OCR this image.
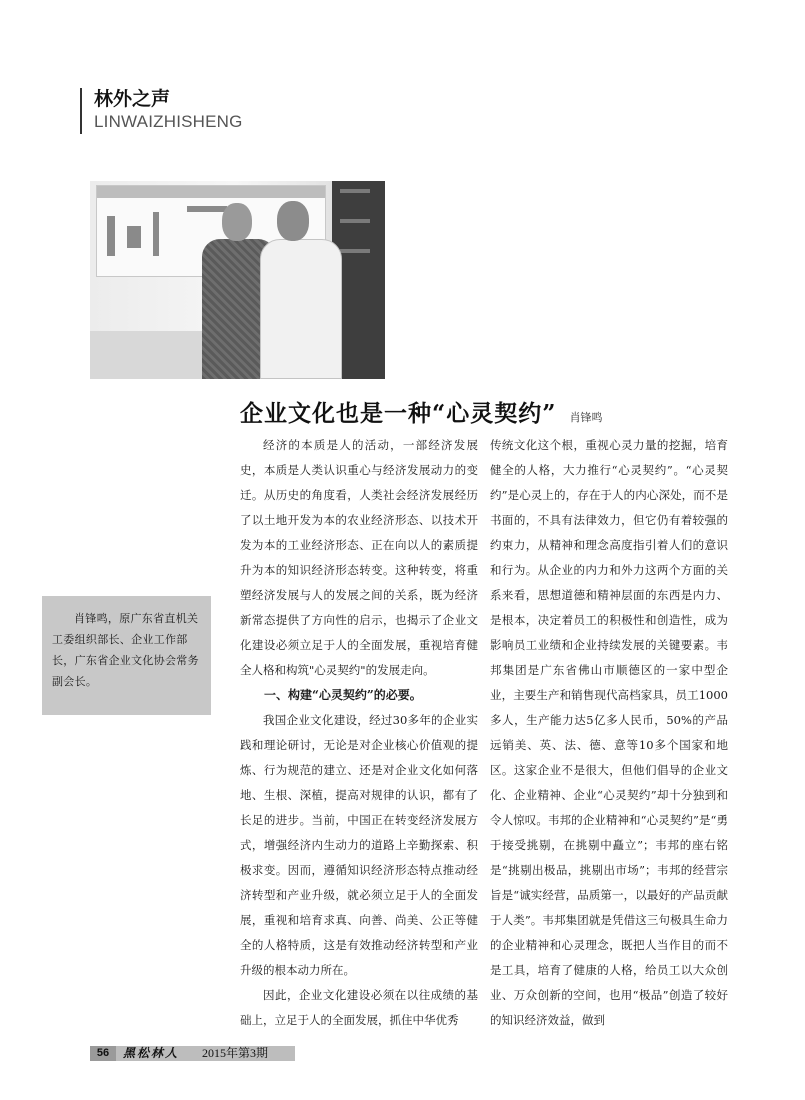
林外之声
LINWAIZHISHENG
企业文化也是一种“心灵契约” 肖锋鸣

肖锋鸣，原广东省直机关工委组织部长、企业工作部长，广东省企业文化协会常务副会长。

经济的本质是人的活动，一部经济发展史，本质是人类认识重心与经济发展动力的变迁。从历史的角度看，人类社会经济发展经历了以土地开发为本的农业经济形态、以技术开发为本的工业经济形态、正在向以人的素质提升为本的知识经济形态转变。这种转变，将重塑经济发展与人的发展之间的关系，既为经济新常态提供了方向性的启示，也揭示了企业文化建设必须立足于人的全面发展，重视培育健全人格和构筑"心灵契约"的发展走向。

一、构建“心灵契约”的必要。

我国企业文化建设，经过30多年的企业实践和理论研讨，无论是对企业核心价值观的提炼、行为规范的建立、还是对企业文化如何落地、生根、深植，提高对规律的认识，都有了长足的进步。当前，中国正在转变经济发展方式，增强经济内生动力的道路上辛勤探索、积极求变。因而，遵循知识经济形态特点推动经济转型和产业升级，就必须立足于人的全面发展，重视和培育求真、向善、尚美、公正等健全的人格特质，这是有效推动经济转型和产业升级的根本动力所在。

因此，企业文化建设必须在以往成绩的基础上，立足于人的全面发展，抓住中华优秀

传统文化这个根，重视心灵力量的挖掘，培育健全的人格，大力推行“心灵契约”。“心灵契约”是心灵上的，存在于人的内心深处，而不是书面的，不具有法律效力，但它仍有着较强的约束力，从精神和理念高度指引着人们的意识和行为。从企业的内力和外力这两个方面的关系来看，思想道德和精神层面的东西是内力、是根本，决定着员工的积极性和创造性，成为影响员工业绩和企业持续发展的关键要素。韦邦集团是广东省佛山市顺德区的一家中型企业，主要生产和销售现代高档家具，员工1000多人，生产能力达5亿多人民币，50%的产品远销美、英、法、德、意等10多个国家和地区。这家企业不是很大，但他们倡导的企业文化、企业精神、企业“心灵契约”却十分独到和令人惊叹。韦邦的企业精神和“心灵契约”是“勇于接受挑剔，在挑剔中矗立”；韦邦的座右铭是“挑剔出极品，挑剔出市场”；韦邦的经营宗旨是“诚实经营，品质第一，以最好的产品贡献于人类”。韦邦集团就是凭借这三句极具生命力的企业精神和心灵理念，既把人当作目的而不是工具，培育了健康的人格，给员工以大众创业、万众创新的空间，也用“极品”创造了较好的知识经济效益，做到

56	黑松林人 2015年第3期
